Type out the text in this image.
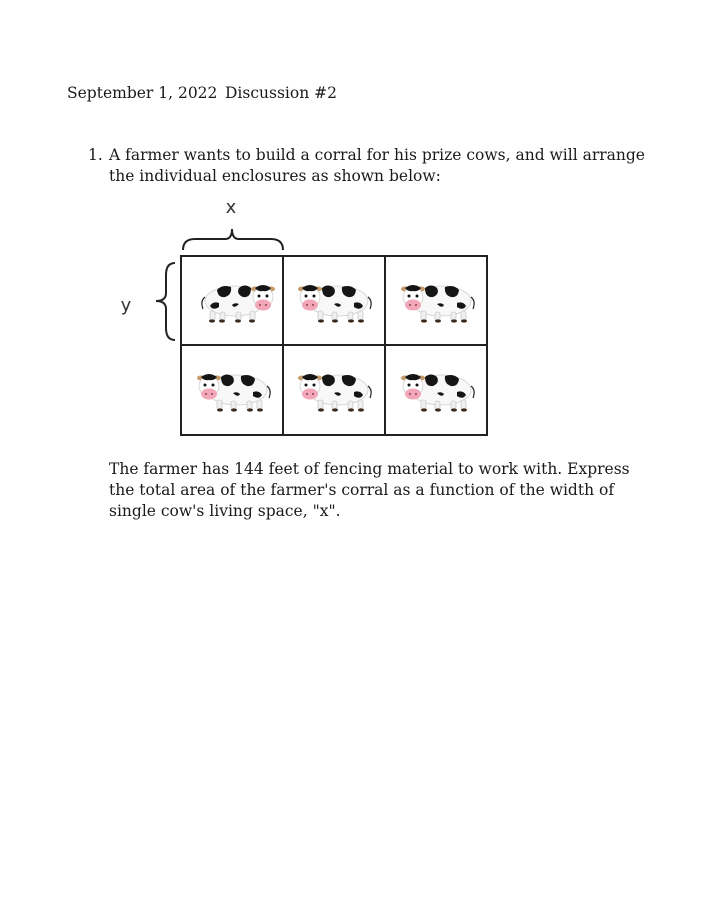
September 1, 2022 Discussion #2
1. A farmer wants to build a corral for his prize cows, and will arrange the individual enclosures as shown below:
x
y
The farmer has 144 feet of fencing material to work with. Express the total area of the farmer's corral as a function of the width of single cow's living space, "x".
